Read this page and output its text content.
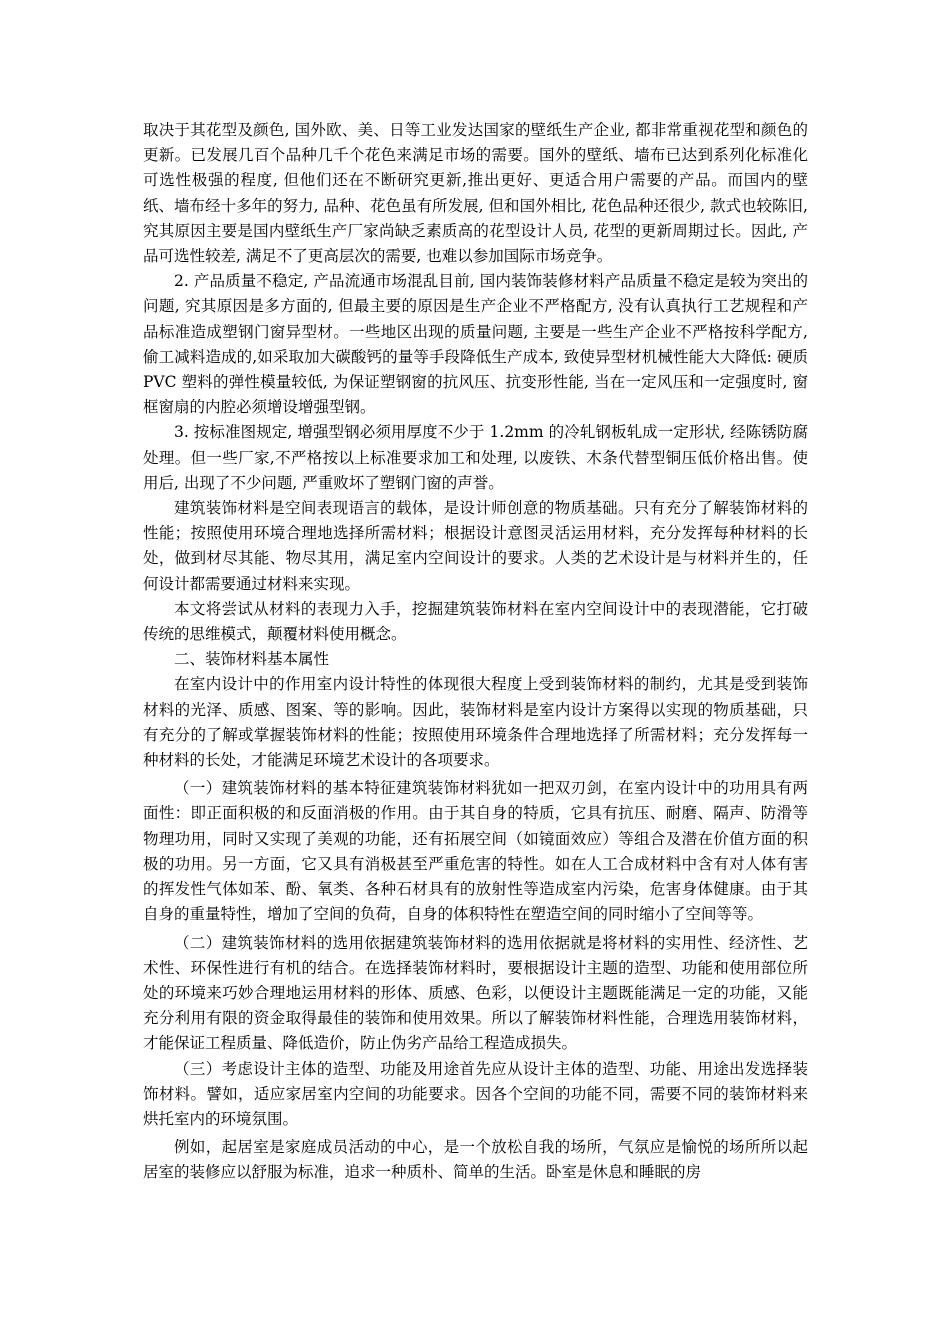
取决于其花型及颜色, 国外欧、美、日等工业发达国家的壁纸生产企业, 都非常重视花型和颜色的更新。已发展几百个品种几千个花色来满足市场的需要。国外的壁纸、墙布已达到系列化标准化可选性极强的程度, 但他们还在不断研究更新,推出更好、更适合用户需要的产品。而国内的壁纸、墙布经十多年的努力, 品种、花色虽有所发展, 但和国外相比, 花色品种还很少, 款式也较陈旧, 究其原因主要是国内壁纸生产厂家尚缺乏素质高的花型设计人员, 花型的更新周期过长。因此, 产品可选性较差, 满足不了更高层次的需要, 也难以参加国际市场竞争。

2. 产品质量不稳定, 产品流通市场混乱目前, 国内装饰装修材料产品质量不稳定是较为突出的问题, 究其原因是多方面的, 但最主要的原因是生产企业不严格配方, 没有认真执行工艺规程和产品标准造成塑钢门窗异型材。一些地区出现的质量问题, 主要是一些生产企业不严格按科学配方, 偷工减料造成的,如采取加大碳酸钙的量等手段降低生产成本, 致使异型材机械性能大大降低: 硬质 PVC 塑料的弹性模量较低, 为保证塑钢窗的抗风压、抗变形性能, 当在一定风压和一定强度时, 窗框窗扇的内腔必须增设增强型钢。

3. 按标准图规定, 增强型钢必须用厚度不少于 1.2mm 的冷轧钢板轧成一定形状, 经陈锈防腐处理。但一些厂家,不严格按以上标准要求加工和处理, 以废铁、木条代替型铜压低价格出售。使用后, 出现了不少问题, 严重败坏了塑钢门窗的声誉。

建筑装饰材料是空间表现语言的载体，是设计师创意的物质基础。只有充分了解装饰材料的性能；按照使用环境合理地选择所需材料；根据设计意图灵活运用材料，充分发挥每种材料的长处，做到材尽其能、物尽其用，满足室内空间设计的要求。人类的艺术设计是与材料并生的，任何设计都需要通过材料来实现。

本文将尝试从材料的表现力入手，挖掘建筑装饰材料在室内空间设计中的表现潜能，它打破传统的思维模式，颠覆材料使用概念。

二、装饰材料基本属性

在室内设计中的作用室内设计特性的体现很大程度上受到装饰材料的制约，尤其是受到装饰材料的光泽、质感、图案、等的影响。因此，装饰材料是室内设计方案得以实现的物质基础，只有充分的了解或掌握装饰材料的性能；按照使用环境条件合理地选择了所需材料；充分发挥每一种材料的长处，才能满足环境艺术设计的各项要求。

（一）建筑装饰材料的基本特征建筑装饰材料犹如一把双刃剑，在室内设计中的功用具有两面性：即正面积极的和反面消极的作用。由于其自身的特质，它具有抗压、耐磨、隔声、防滑等物理功用，同时又实现了美观的功能，还有拓展空间（如镜面效应）等组合及潜在价值方面的积极的功用。另一方面，它又具有消极甚至严重危害的特性。如在人工合成材料中含有对人体有害的挥发性气体如苯、酚、氧类、各种石材具有的放射性等造成室内污染，危害身体健康。由于其自身的重量特性，增加了空间的负荷，自身的体积特性在塑造空间的同时缩小了空间等等。

（二）建筑装饰材料的选用依据建筑装饰材料的选用依据就是将材料的实用性、经济性、艺术性、环保性进行有机的结合。在选择装饰材料时，要根据设计主题的造型、功能和使用部位所处的环境来巧妙合理地运用材料的形体、质感、色彩，以便设计主题既能满足一定的功能，又能充分利用有限的资金取得最佳的装饰和使用效果。所以了解装饰材料性能，合理选用装饰材料，才能保证工程质量、降低造价，防止伪劣产品给工程造成损失。

（三）考虑设计主体的造型、功能及用途首先应从设计主体的造型、功能、用途出发选择装饰材料。譬如，适应家居室内空间的功能要求。因各个空间的功能不同，需要不同的装饰材料来烘托室内的环境氛围。

例如，起居室是家庭成员活动的中心，是一个放松自我的场所，气氛应是愉悦的场所所以起居室的装修应以舒服为标准，追求一种质朴、简单的生活。卧室是休息和睡眠的房
